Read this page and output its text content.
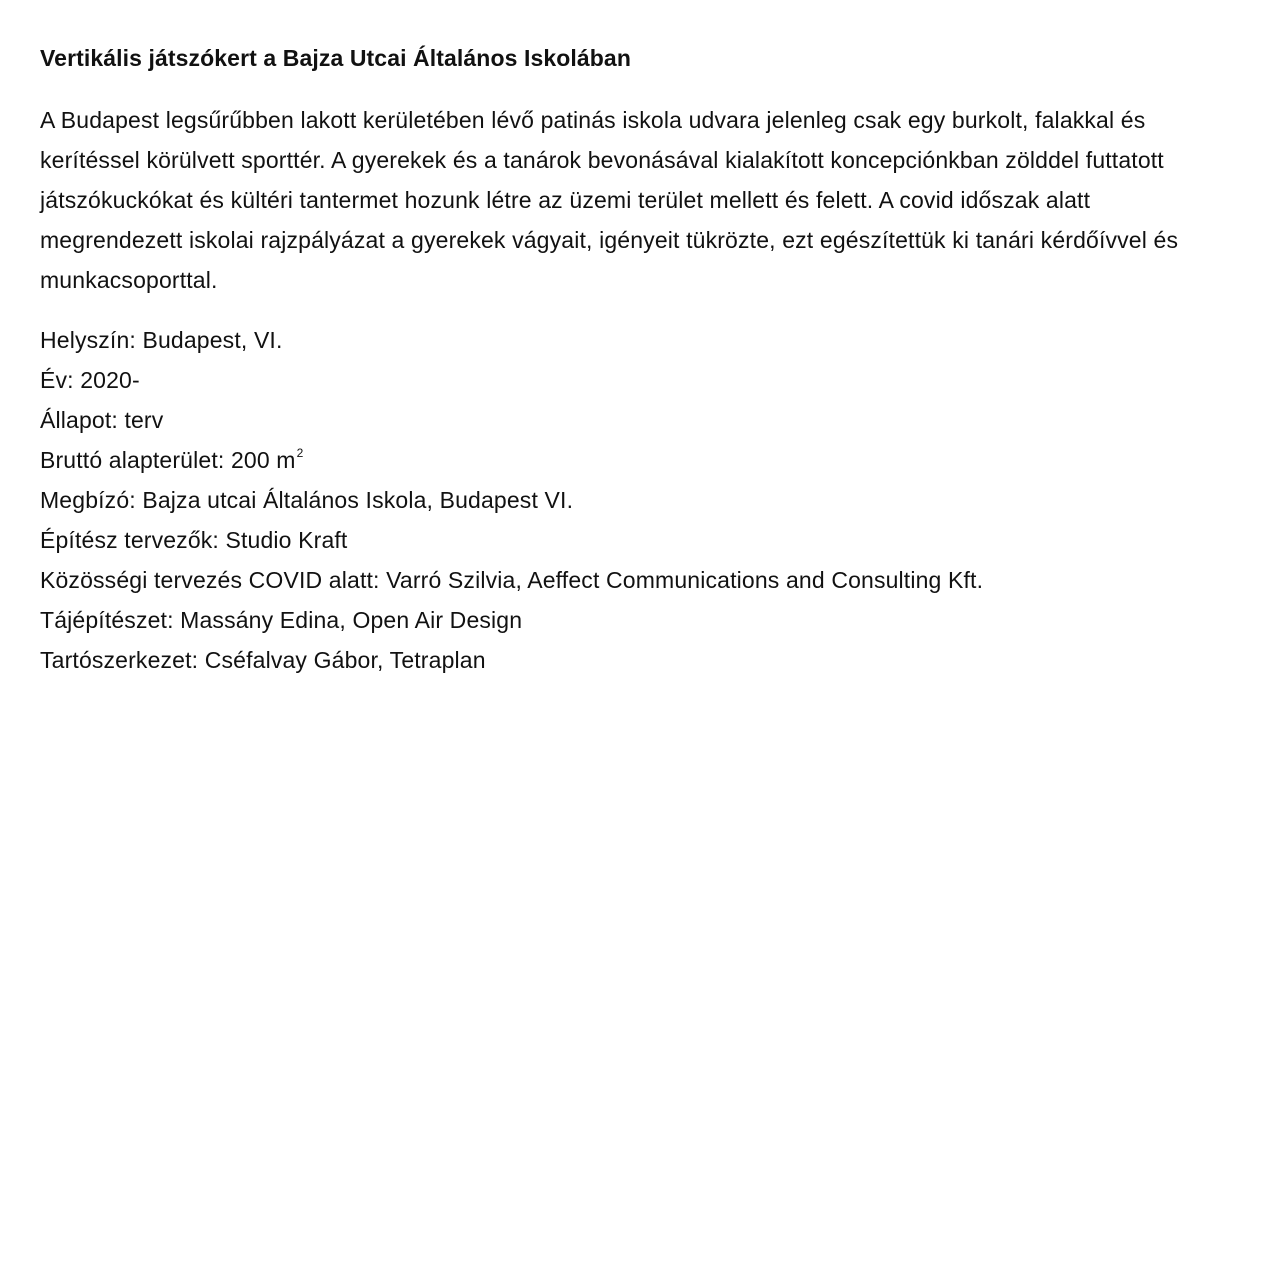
Vertikális játszókert a Bajza Utcai Általános Iskolában

A Budapest legsűrűbben lakott kerületében lévő patinás iskola udvara jelenleg csak egy burkolt, falakkal és kerítéssel körülvett sporttér. A gyerekek és a tanárok bevonásával kialakított koncepciónkban zölddel futtatott játszókuckókat és kültéri tantermet hozunk létre az üzemi terület mellett és felett. A covid időszak alatt megrendezett iskolai rajzpályázat a gyerekek vágyait, igényeit tükrözte, ezt egészítettük ki tanári kérdőívvel és munkacsoporttal.

Helyszín: Budapest, VI.
Év: 2020-
Állapot: terv
Bruttó alapterület: 200 $m^2$
Megbízó: Bajza utcai Általános Iskola, Budapest VI.
Építész tervezők: Studio Kraft
Közösségi tervezés COVID alatt: Varró Szilvia, Aeffect Communications and Consulting Kft.
Tájépítészet: Massány Edina, Open Air Design
Tartószerkezet: Cséfalvay Gábor, Tetraplan
